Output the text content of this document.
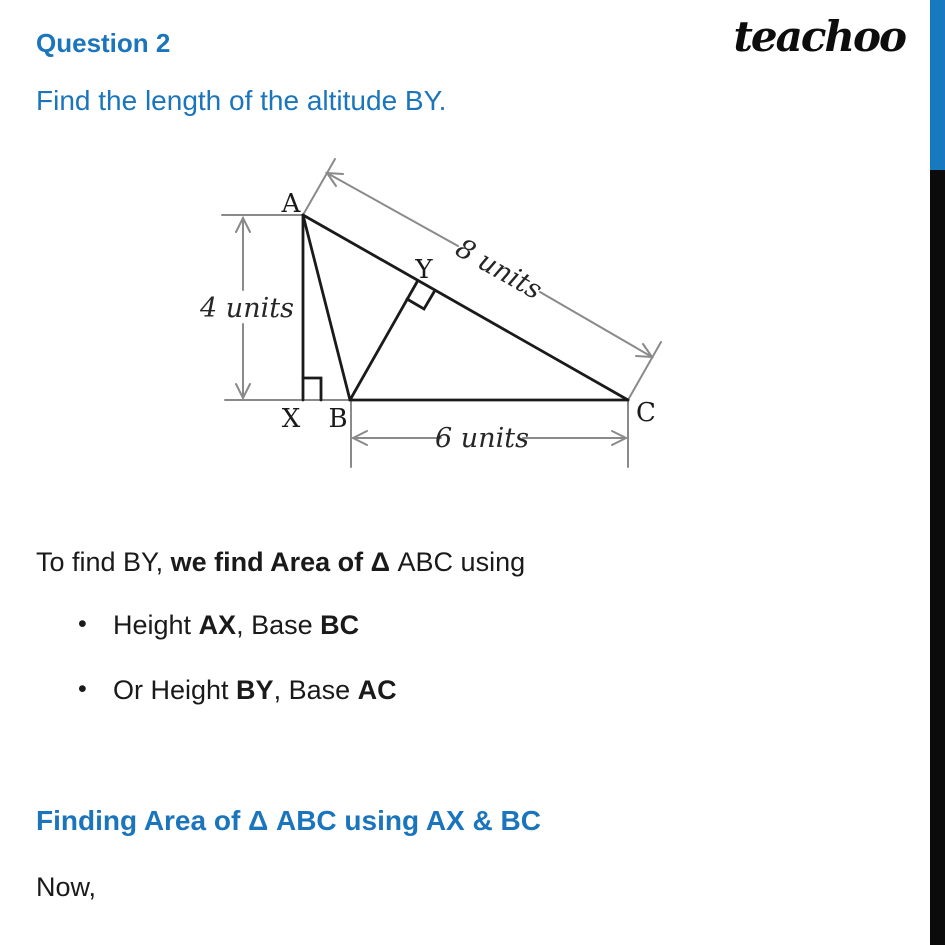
Question 2	teachoo
Find the length of the altitude BY.
A
X B
Y
C
4 units
8 units
6 units
To find BY, we find Area of Δ ABC using
• Height AX, Base BC
• Or Height BY, Base AC
Finding Area of Δ ABC using AX & BC
Now,
